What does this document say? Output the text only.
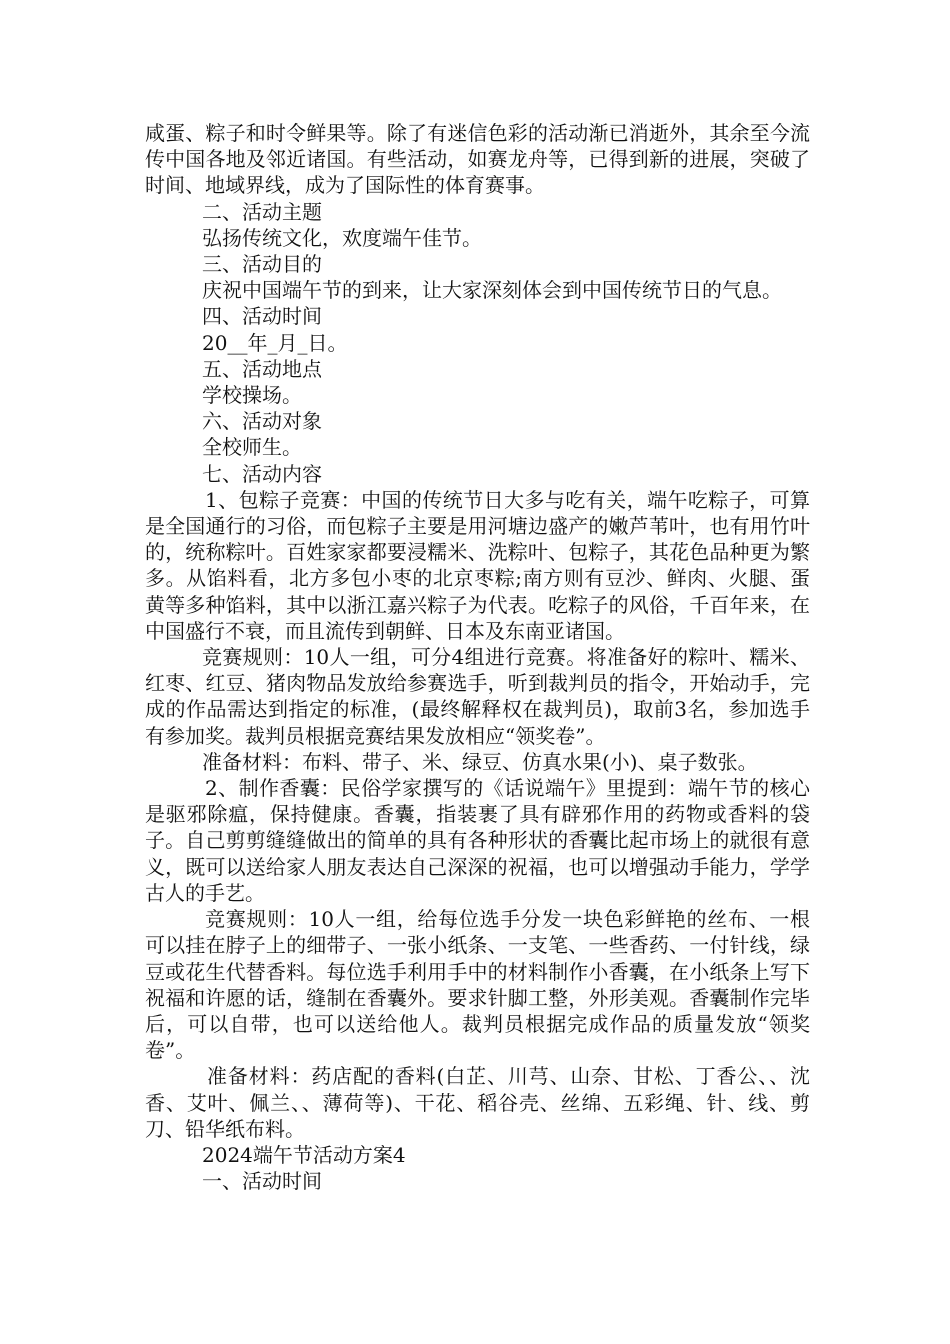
咸蛋、粽子和时令鲜果等。除了有迷信色彩的活动渐已消逝外，其余至今流传中国各地及邻近诸国。有些活动，如赛龙舟等，已得到新的进展，突破了时间、地域界线，成为了国际性的体育赛事。

二、活动主题

弘扬传统文化，欢度端午佳节。

三、活动目的

庆祝中国端午节的到来，让大家深刻体会到中国传统节日的气息。

四、活动时间

20__年_月_日。

五、活动地点

学校操场。

六、活动对象

全校师生。

七、活动内容

1、包粽子竞赛：中国的传统节日大多与吃有关，端午吃粽子，可算是全国通行的习俗，而包粽子主要是用河塘边盛产的嫩芦苇叶，也有用竹叶的，统称粽叶。百姓家家都要浸糯米、洗粽叶、包粽子，其花色品种更为繁多。从馅料看，北方多包小枣的北京枣粽;南方则有豆沙、鲜肉、火腿、蛋黄等多种馅料，其中以浙江嘉兴粽子为代表。吃粽子的风俗，千百年来，在中国盛行不衰，而且流传到朝鲜、日本及东南亚诸国。

竞赛规则：10人一组，可分4组进行竞赛。将准备好的粽叶、糯米、红枣、红豆、猪肉物品发放给参赛选手，听到裁判员的指令，开始动手，完成的作品需达到指定的标准，(最终解释权在裁判员)，取前3名，参加选手有参加奖。裁判员根据竞赛结果发放相应“领奖卷”。

准备材料：布料、带子、米、绿豆、仿真水果(小)、桌子数张。

2、制作香囊：民俗学家撰写的《话说端午》里提到：端午节的核心是驱邪除瘟，保持健康。香囊，指装裹了具有辟邪作用的药物或香料的袋子。自己剪剪缝缝做出的简单的具有各种形状的香囊比起市场上的就很有意义，既可以送给家人朋友表达自己深深的祝福，也可以增强动手能力，学学古人的手艺。

竞赛规则：10人一组，给每位选手分发一块色彩鲜艳的丝布、一根可以挂在脖子上的细带子、一张小纸条、一支笔、一些香药、一付针线，绿豆或花生代替香料。每位选手利用手中的材料制作小香囊，在小纸条上写下祝福和许愿的话，缝制在香囊外。要求针脚工整，外形美观。香囊制作完毕后，可以自带，也可以送给他人。裁判员根据完成作品的质量发放“领奖卷”。

准备材料：药店配的香料(白芷、川芎、山奈、甘松、丁香公、、沈香、艾叶、佩兰、、薄荷等)、干花、稻谷壳、丝绵、五彩绳、针、线、剪刀、铅华纸布料。

2024端午节活动方案4

一、活动时间
